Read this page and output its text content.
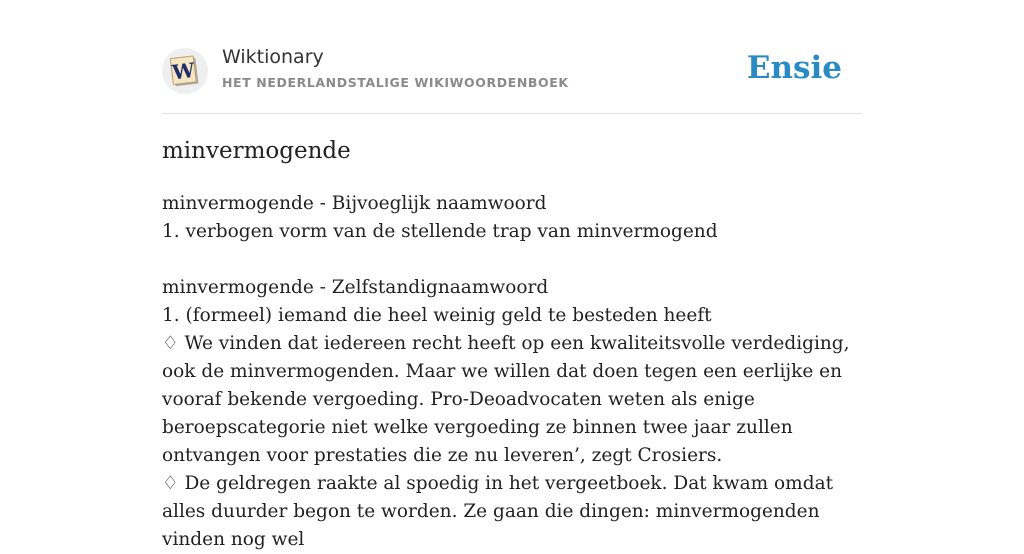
W
Wiktionary
HET NEDERLANDSTALIGE WIKIWOORDENBOEK	Ensie
minvermogende

minvermogende - Bijvoeglijk naamwoord

1. verbogen vorm van de stellende trap van minvermogend

minvermogende - Zelfstandignaamwoord

1. (formeel) iemand die heel weinig geld te besteden heeft

♢ We vinden dat iedereen recht heeft op een kwaliteitsvolle verdediging, ook de minvermogenden. Maar we willen dat doen tegen een eerlijke en vooraf bekende vergoeding. Pro-Deoadvocaten weten als enige beroepscategorie niet welke vergoeding ze binnen twee jaar zullen ontvangen voor prestaties die ze nu leveren’, zegt Crosiers.

♢ De geldregen raakte al spoedig in het vergeetboek. Dat kwam omdat alles duurder begon te worden. Ze gaan die dingen: minvermogenden vinden nog wel
